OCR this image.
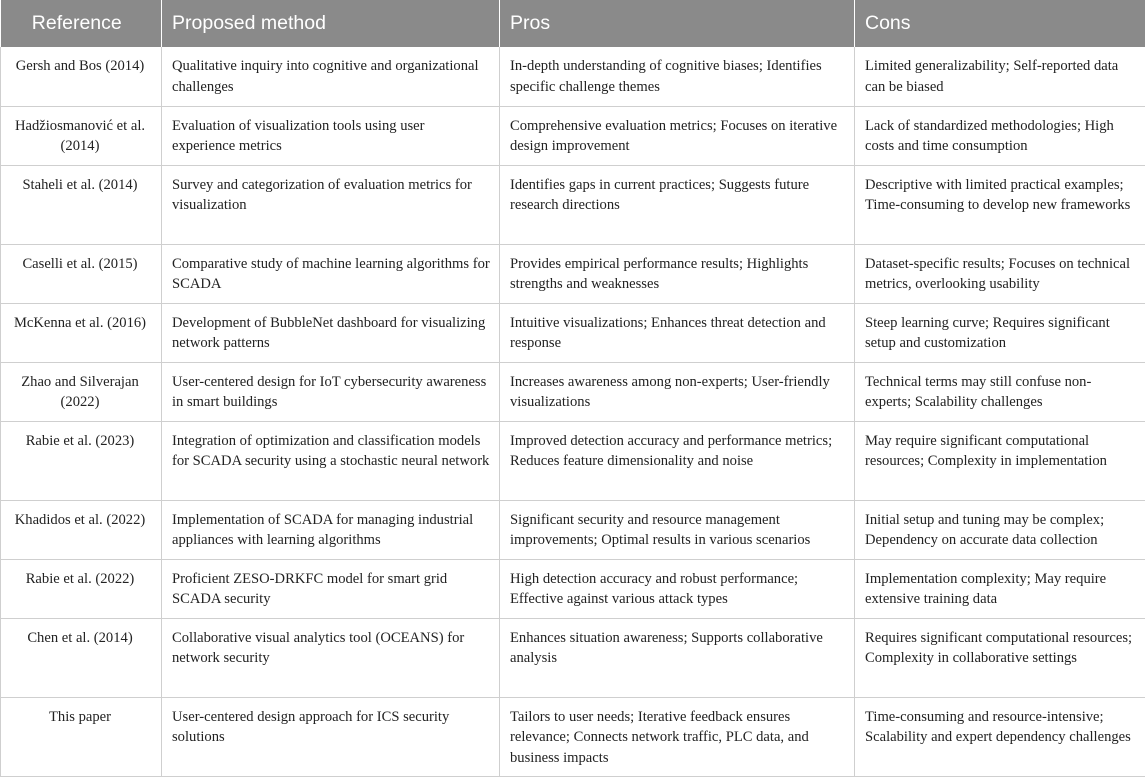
Reference	Proposed method	Pros	Cons
Gersh and Bos (2014)	Qualitative inquiry into cognitive and organizational challenges	In-depth understanding of cognitive biases; Identifies specific challenge themes	Limited generalizability; Self-reported data can be biased
Hadžiosmanović et al. (2014)	Evaluation of visualization tools using user experience metrics	Comprehensive evaluation metrics; Focuses on iterative design improvement	Lack of standardized methodologies; High costs and time consumption
Staheli et al. (2014)	Survey and categorization of evaluation metrics for visualization	Identifies gaps in current practices; Suggests future research directions	Descriptive with limited practical examples; Time-consuming to develop new frameworks
Caselli et al. (2015)	Comparative study of machine learning algorithms for SCADA	Provides empirical performance results; Highlights strengths and weaknesses	Dataset-specific results; Focuses on technical metrics, overlooking usability
McKenna et al. (2016)	Development of BubbleNet dashboard for visualizing network patterns	Intuitive visualizations; Enhances threat detection and response	Steep learning curve; Requires significant setup and customization
Zhao and Silverajan (2022)	User-centered design for IoT cybersecurity awareness in smart buildings	Increases awareness among non-experts; User-friendly visualizations	Technical terms may still confuse non-experts; Scalability challenges
Rabie et al. (2023)	Integration of optimization and classification models for SCADA security using a stochastic neural network	Improved detection accuracy and performance metrics; Reduces feature dimensionality and noise	May require significant computational resources; Complexity in implementation
Khadidos et al. (2022)	Implementation of SCADA for managing industrial appliances with learning algorithms	Significant security and resource management improvements; Optimal results in various scenarios	Initial setup and tuning may be complex; Dependency on accurate data collection
Rabie et al. (2022)	Proficient ZESO-DRKFC model for smart grid SCADA security	High detection accuracy and robust performance; Effective against various attack types	Implementation complexity; May require extensive training data
Chen et al. (2014)	Collaborative visual analytics tool (OCEANS) for network security	Enhances situation awareness; Supports collaborative analysis	Requires significant computational resources; Complexity in collaborative settings
This paper	User-centered design approach for ICS security solutions	Tailors to user needs; Iterative feedback ensures relevance; Connects network traffic, PLC data, and business impacts	Time-consuming and resource-intensive; Scalability and expert dependency challenges
